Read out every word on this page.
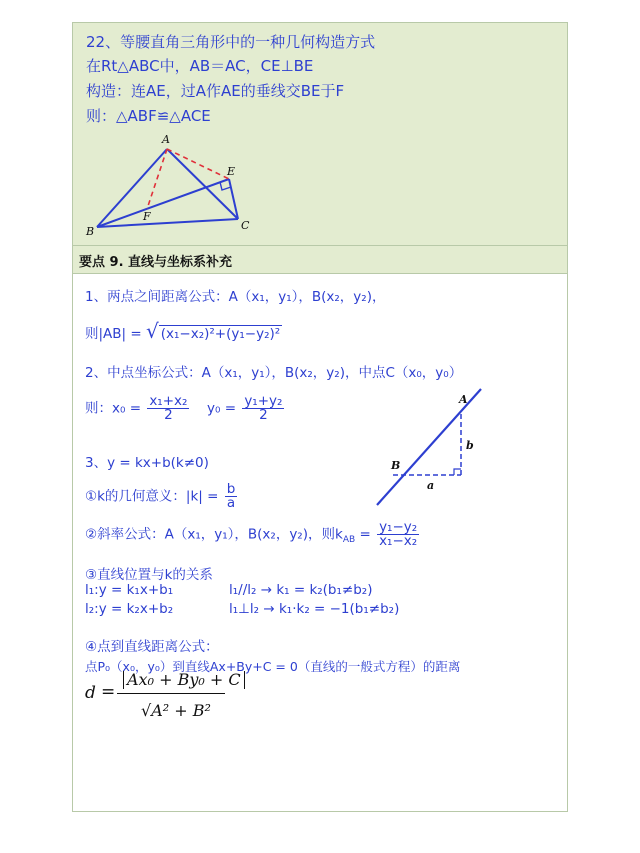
22、等腰直角三角形中的一种几何构造方式
在Rt△ABC中，AB＝AC，CE⊥BE
构造：连AE，过A作AE的垂线交BE于F
则：△ABF≌△ACE
A
B	C
E
F
要点 9. 直线与坐标系补充
1、两点之间距离公式：A（x₁，y₁），B(x₂，y₂)，
则|AB| = √ (x₁−x₂)²+(y₁−y₂)²
2、中点坐标公式：A（x₁，y₁），B(x₂，y₂)，中点C（x₀，y₀）
则：$x_0 = \frac{\text{x₁+x₂}}{2} y_0 = \frac{\text{y₁+y₂}}{2}$
3、y = kx+b(k≠0)
①k的几何意义：$|k| = \frac{b}{a}$
②斜率公式：A（x₁，y₁），B(x₂，y₂)，则$k_{AB} = \frac{\text{y₁−y₂}}{\text{x₁−x₂}}$
A
B
a
b
③直线位置与k的关系
l₁:y = k₁x+b₁
l₂:y = k₂x+b₂
l₁//l₂ → k₁ = k₂(b₁≠b₂)
l₁⊥l₂ → k₁·k₂ = −1(b₁≠b₂)
④点到直线距离公式：
点P₀（x₀，y₀）到直线Ax+By+C = 0（直线的一般式方程）的距离
d =
Ax₀ + By₀ + C
√A² + B²
